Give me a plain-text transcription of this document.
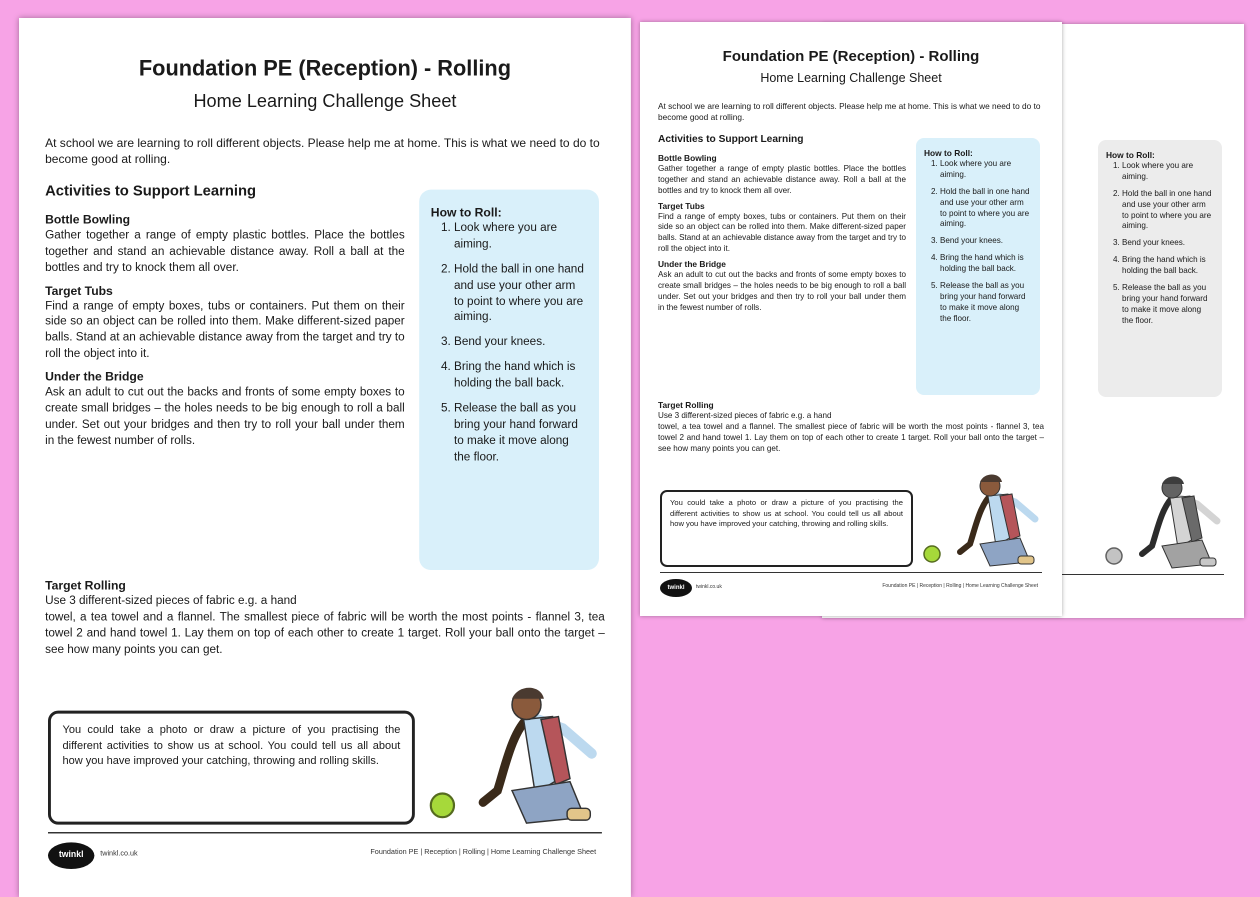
How to Roll:
1. Look where you are aiming.
2. Hold the ball in one hand and use your other arm to point to where you are aiming.
3. Bend your knees.
4. Bring the hand which is holding the ball back.
5. Release the ball as you bring your hand forward to make it move along the floor.
Foundation PE (Reception) - Rolling
Home Learning Challenge Sheet
At school we are learning to roll different objects. Please help me at home. This is what we need to do to become good at rolling.
Activities to Support Learning
Bottle Bowling

Gather together a range of empty plastic bottles. Place the bottles together and stand an achievable distance away. Roll a ball at the bottles and try to knock them all over.

Target Tubs

Find a range of empty boxes, tubs or containers. Put them on their side so an object can be rolled into them. Make different-sized paper balls. Stand at an achievable distance away from the target and try to roll the object into it.

Under the Bridge

Ask an adult to cut out the backs and fronts of some empty boxes to create small bridges – the holes needs to be big enough to roll a ball under. Set out your bridges and then try to roll your ball under them in the fewest number of rolls.

How to Roll:
1. Look where you are aiming.
2. Hold the ball in one hand and use your other arm to point to where you are aiming.
3. Bend your knees.
4. Bring the hand which is holding the ball back.
5. Release the ball as you bring your hand forward to make it move along the floor.
Target Rolling
Use 3 different-sized pieces of fabric e.g. a hand
towel, a tea towel and a flannel. The smallest piece of fabric will be worth the most points - flannel 3, tea towel 2 and hand towel 1. Lay them on top of each other to create 1 target. Roll your ball onto the target – see how many points you can get.
You could take a photo or draw a picture of you practising the different activities to show us at school. You could tell us all about how you have improved your catching, throwing and rolling skills.
twinkl	twinkl.co.uk	Foundation PE | Reception | Rolling | Home Learning Challenge Sheet
Foundation PE (Reception) - Rolling
Home Learning Challenge Sheet
At school we are learning to roll different objects. Please help me at home. This is what we need to do to become good at rolling.
Activities to Support Learning
Bottle Bowling

Gather together a range of empty plastic bottles. Place the bottles together and stand an achievable distance away. Roll a ball at the bottles and try to knock them all over.

Target Tubs

Find a range of empty boxes, tubs or containers. Put them on their side so an object can be rolled into them. Make different-sized paper balls. Stand at an achievable distance away from the target and try to roll the object into it.

Under the Bridge

Ask an adult to cut out the backs and fronts of some empty boxes to create small bridges – the holes needs to be big enough to roll a ball under. Set out your bridges and then try to roll your ball under them in the fewest number of rolls.

How to Roll:
1. Look where you are aiming.
2. Hold the ball in one hand and use your other arm to point to where you are aiming.
3. Bend your knees.
4. Bring the hand which is holding the ball back.
5. Release the ball as you bring your hand forward to make it move along the floor.
Target Rolling
Use 3 different-sized pieces of fabric e.g. a hand
towel, a tea towel and a flannel. The smallest piece of fabric will be worth the most points - flannel 3, tea towel 2 and hand towel 1. Lay them on top of each other to create 1 target. Roll your ball onto the target – see how many points you can get.
You could take a photo or draw a picture of you practising the different activities to show us at school. You could tell us all about how you have improved your catching, throwing and rolling skills.
twinkl	twinkl.co.uk	Foundation PE | Reception | Rolling | Home Learning Challenge Sheet
